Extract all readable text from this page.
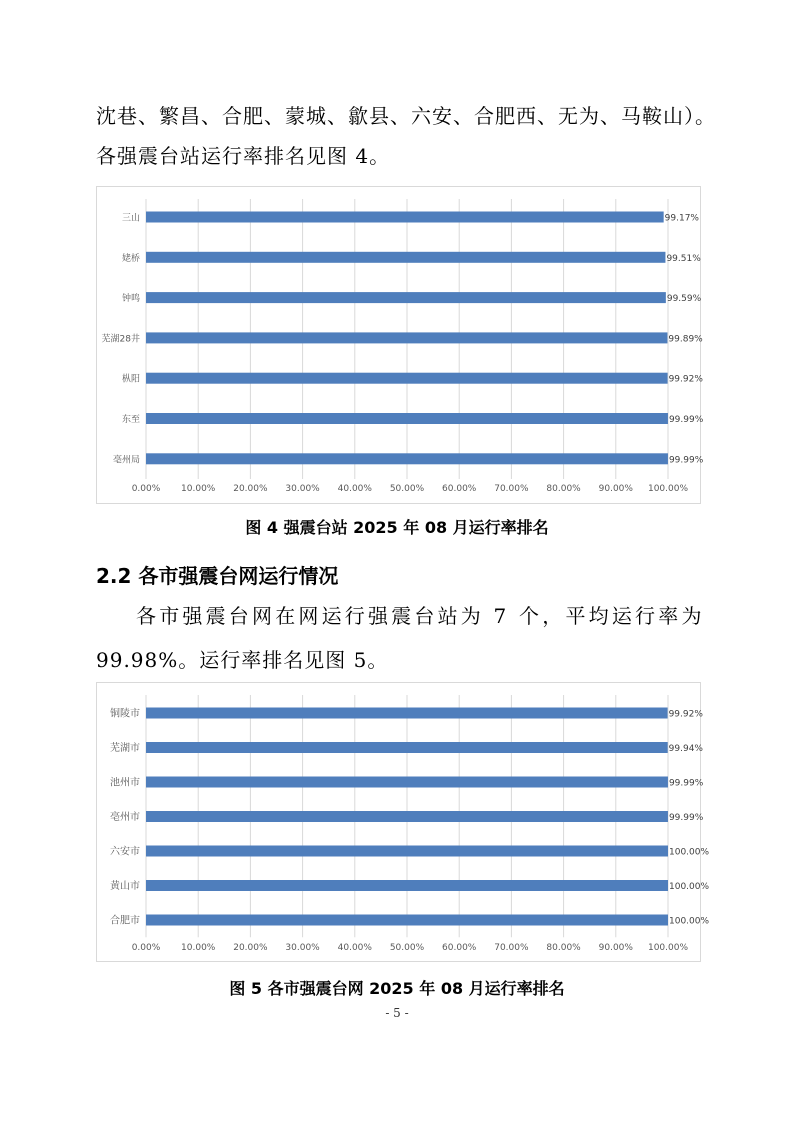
沈巷、繁昌、合肥、蒙城、歙县、六安、合肥西、无为、马鞍山）。
各强震台站运行率排名见图 4。
0.00% 10.00% 20.00% 30.00% 40.00% 50.00% 60.00% 70.00% 80.00% 90.00% 100.00%
三山	99.17%
姥桥	99.51%
钟鸣	99.59%
芜湖28井	99.89%
枞阳	99.92%
东至	99.99%
亳州局	99.99%
图 4 强震台站 2025 年 08 月运行率排名
2.2 各市强震台网运行情况
各市强震台网在网运行强震台站为 7 个，平均运行率为
99.98%。运行率排名见图 5。
0.00% 10.00% 20.00% 30.00% 40.00% 50.00% 60.00% 70.00% 80.00% 90.00% 100.00%
铜陵市	99.92%
芜湖市	99.94%
池州市	99.99%
亳州市	99.99%
六安市	100.00%
黄山市	100.00%
合肥市	100.00%
图 5 各市强震台网 2025 年 08 月运行率排名
- 5 -
